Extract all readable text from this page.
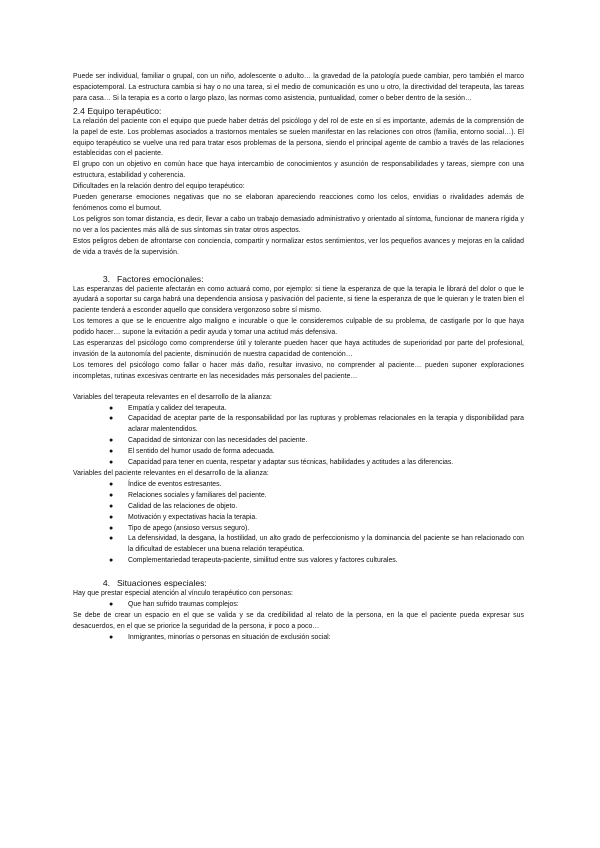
Puede ser individual, familiar o grupal, con un niño, adolescente o adulto… la gravedad de la patología puede cambiar, pero también el marco espaciotemporal. La estructura cambia si hay o no una tarea, si el medio de comunicación es uno u otro, la directividad del terapeuta, las tareas para casa… Si la terapia es a corto o largo plazo, las normas como asistencia, puntualidad, comer o beber dentro de la sesión…

2.4 Equipo terapéutico:

La relación del paciente con el equipo que puede haber detrás del psicólogo y del rol de este en sí es importante, además de la comprensión de la papel de este. Los problemas asociados a trastornos mentales se suelen manifestar en las relaciones con otros (familia, entorno social…). El equipo terapéutico se vuelve una red para tratar esos problemas de la persona, siendo el principal agente de cambio a través de las relaciones establecidas con el paciente.

El grupo con un objetivo en común hace que haya intercambio de conocimientos y asunción de responsabilidades y tareas, siempre con una estructura, estabilidad y coherencia.

Dificultades en la relación dentro del equipo terapéutico:

Pueden generarse emociones negativas que no se elaboran apareciendo reacciones como los celos, envidias o rivalidades además de fenómenos como el burnout.

Los peligros son tomar distancia, es decir, llevar a cabo un trabajo demasiado administrativo y orientado al síntoma, funcionar de manera rígida y no ver a los pacientes más allá de sus síntomas sin tratar otros aspectos.

Estos peligros deben de afrontarse con conciencia, compartir y normalizar estos sentimientos, ver los pequeños avances y mejoras en la calidad de vida a través de la supervisión.

3. Factores emocionales:

Las esperanzas del paciente afectarán en como actuará como, por ejemplo: si tiene la esperanza de que la terapia le librará del dolor o que le ayudará a soportar su carga habrá una dependencia ansiosa y pasivación del paciente, si tiene la esperanza de que le quieran y le traten bien el paciente tenderá a esconder aquello que considera vergonzoso sobre sí mismo.

Los temores a que se le encuentre algo maligno e incurable o que le consideremos culpable de su problema, de castigarle por lo que haya podido hacer… supone la evitación a pedir ayuda y tomar una actitud más defensiva.

Las esperanzas del psicólogo como comprenderse útil y tolerante pueden hacer que haya actitudes de superioridad por parte del profesional, invasión de la autonomía del paciente, disminución de nuestra capacidad de contención…

Los temores del psicólogo como fallar o hacer más daño, resultar invasivo, no comprender al paciente… pueden suponer exploraciones incompletas, rutinas excesivas centrarte en las necesidades más personales del paciente…

Variables del terapeuta relevantes en el desarrollo de la alianza:

● Empatía y calidez del terapeuta.
● Capacidad de aceptar parte de la responsabilidad por las rupturas y problemas relacionales en la terapia y disponibilidad para aclarar malentendidos.
● Capacidad de sintonizar con las necesidades del paciente.
● El sentido del humor usado de forma adecuada.
● Capacidad para tener en cuenta, respetar y adaptar sus técnicas, habilidades y actitudes a las diferencias.

Variables del paciente relevantes en el desarrollo de la alianza:

● Índice de eventos estresantes.
● Relaciones sociales y familiares del paciente.
● Calidad de las relaciones de objeto.
● Motivación y expectativas hacia la terapia.
● Tipo de apego (ansioso versus seguro).
● La defensividad, la desgana, la hostilidad, un alto grado de perfeccionismo y la dominancia del paciente se han relacionado con la dificultad de establecer una buena relación terapéutica.
● Complementariedad terapeuta-paciente, similitud entre sus valores y factores culturales.
4. Situaciones especiales:

Hay que prestar especial atención al vínculo terapéutico con personas:

● Que han sufrido traumas complejos:

Se debe de crear un espacio en el que se valida y se da credibilidad al relato de la persona, en la que el paciente pueda expresar sus desacuerdos, en el que se priorice la seguridad de la persona, ir poco a poco…

● Inmigrantes, minorías o personas en situación de exclusión social:
